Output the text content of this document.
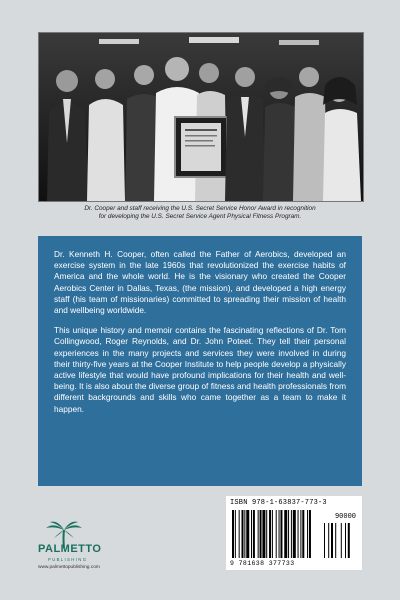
Dr. Cooper and staff receiving the U.S. Secret Service Honor Award in recognition
for developing the U.S. Secret Service Agent Physical Fitness Program.

Dr. Kenneth H. Cooper, often called the Father of Aerobics, developed an exercise system in the late 1960s that revolutionized the exercise habits of America and the whole world. He is the visionary who created the Cooper Aerobics Center in Dallas, Texas, (the mission), and developed a high energy staff (his team of missionaries) committed to spreading their mission of health and wellbeing worldwide.

This unique history and memoir contains the fascinating reflections of Dr. Tom Collingwood, Roger Reynolds, and Dr. John Poteet. They tell their personal experiences in the many projects and services they were involved in during their thirty-five years at the Cooper Institute to help people develop a physically active lifestyle that would have profound implications for their health and well-being. It is also about the diverse group of fitness and health professionals from different backgrounds and skills who came together as a team to make it happen.

PALMETTO
PUBLISHING
www.palmettopublishing.com
ISBN 978-1-63837-773-3
90000
9 781638 377733
